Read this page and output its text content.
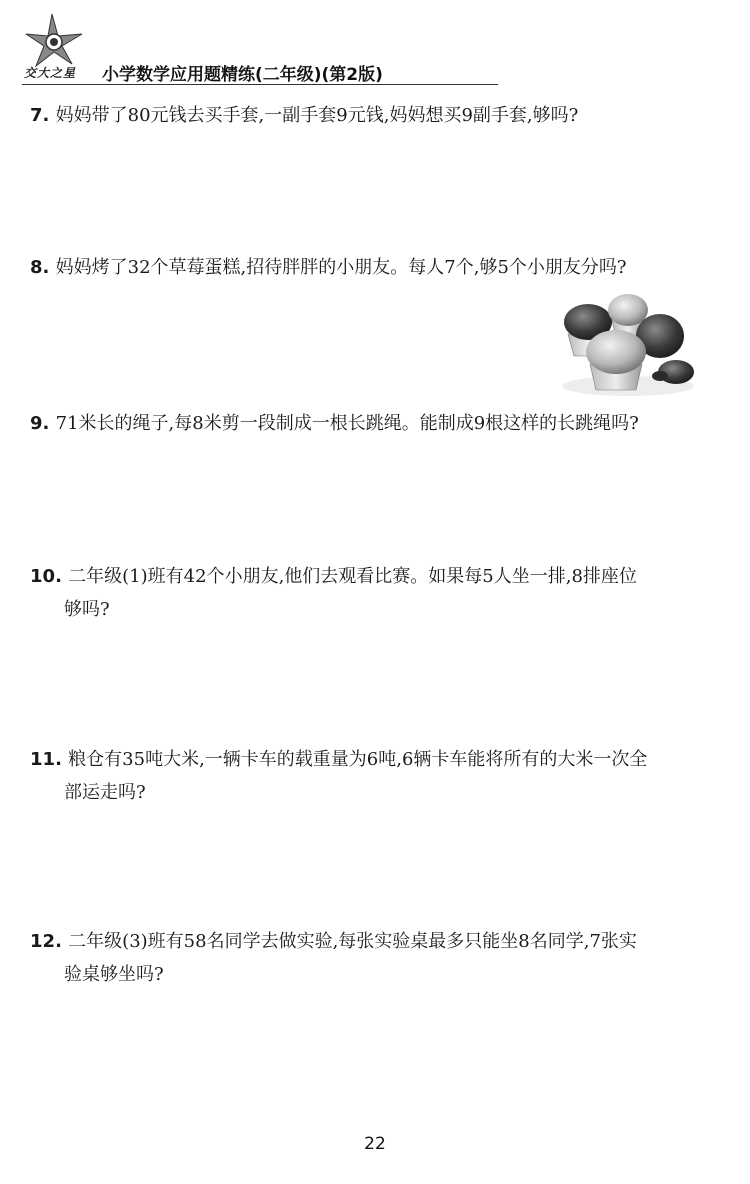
交大之星 小学数学应用题精练(二年级)(第2版)
7. 妈妈带了80元钱去买手套,一副手套9元钱,妈妈想买9副手套,够吗?
8. 妈妈烤了32个草莓蛋糕,招待胖胖的小朋友。每人7个,够5个小朋友分吗?
9. 71米长的绳子,每8米剪一段制成一根长跳绳。能制成9根这样的长跳绳吗?
10. 二年级(1)班有42个小朋友,他们去观看比赛。如果每5人坐一排,8排座位
够吗?
11. 粮仓有35吨大米,一辆卡车的载重量为6吨,6辆卡车能将所有的大米一次全
部运走吗?
12. 二年级(3)班有58名同学去做实验,每张实验桌最多只能坐8名同学,7张实
验桌够坐吗?
22
